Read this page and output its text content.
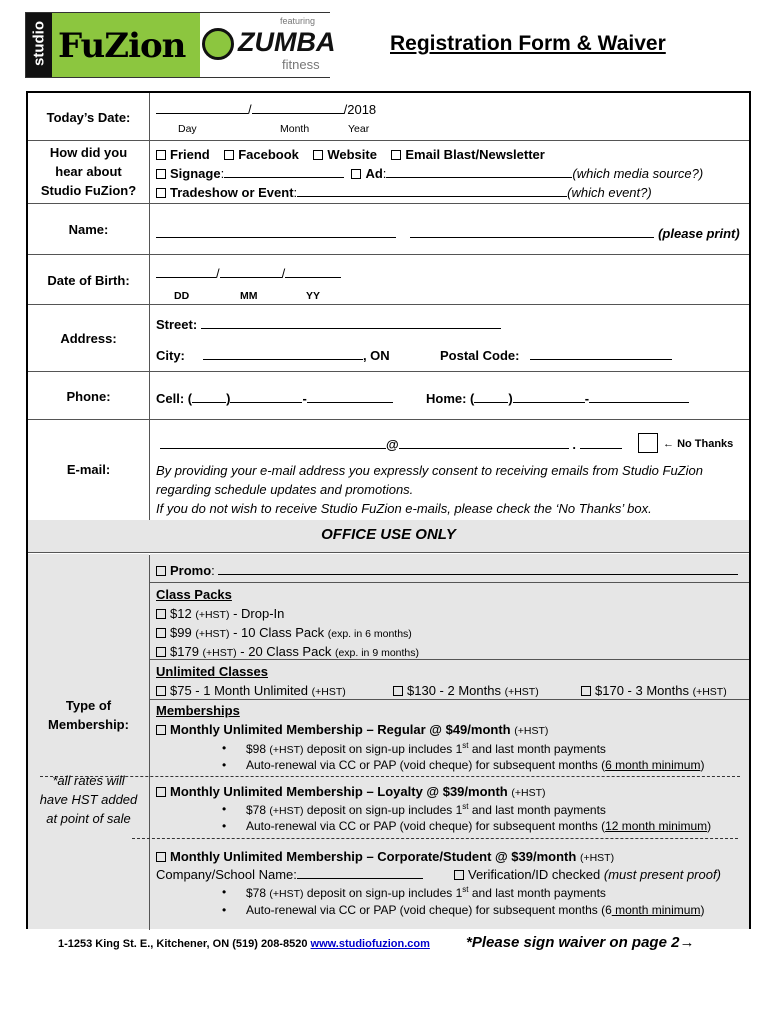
studio FuZion
featuring
ZUMBA
fitness
Registration Form & Waiver
Today’s Date:
/	/2018
Day	Month	Year
How did you
hear about
Studio FuZion?
Friend Facebook Website Email Blast/Newsletter
Signage:	Ad:	(which media source?)
Tradeshow or Event:	(which event?)
Name:	(please print)
Date of Birth:	/	/
DD	MM	YY
Address:
Street:
City:	, ON	Postal Code:
Phone:	Cell: (	)	-	Home: (	)	-
E-mail:
@	.	← No Thanks
By providing your e-mail address you expressly consent to receiving emails from Studio FuZion
regarding schedule updates and promotions.
If you do not wish to receive Studio FuZion e-mails, please check the ‘No Thanks’ box.
OFFICE USE ONLY
Type of
Membership:
*all rates will
have HST added
at point of sale
Promo:
Class Packs
$12 (+HST) - Drop-In
$99 (+HST) - 10 Class Pack (exp. in 6 months)
$179 (+HST) - 20 Class Pack (exp. in 9 months)
Unlimited Classes
$75 - 1 Month Unlimited (+HST)	$130 - 2 Months (+HST)	$170 - 3 Months (+HST)
Memberships
Monthly Unlimited Membership – Regular @ $49/month (+HST)
• $98 (+HST) deposit on sign-up includes 1st and last month payments
• Auto-renewal via CC or PAP (void cheque) for subsequent months (6 month minimum)
Monthly Unlimited Membership – Loyalty @ $39/month (+HST)
• $78 (+HST) deposit on sign-up includes 1st and last month payments
• Auto-renewal via CC or PAP (void cheque) for subsequent months (12 month minimum)
Monthly Unlimited Membership – Corporate/Student @ $39/month (+HST)
Company/School Name:	Verification/ID checked (must present proof)
• $78 (+HST) deposit on sign-up includes 1st and last month payments
• Auto-renewal via CC or PAP (void cheque) for subsequent months (6 month minimum)
1-1253 King St. E., Kitchener, ON (519) 208-8520 www.studiofuzion.com *Please sign waiver on page 2→
